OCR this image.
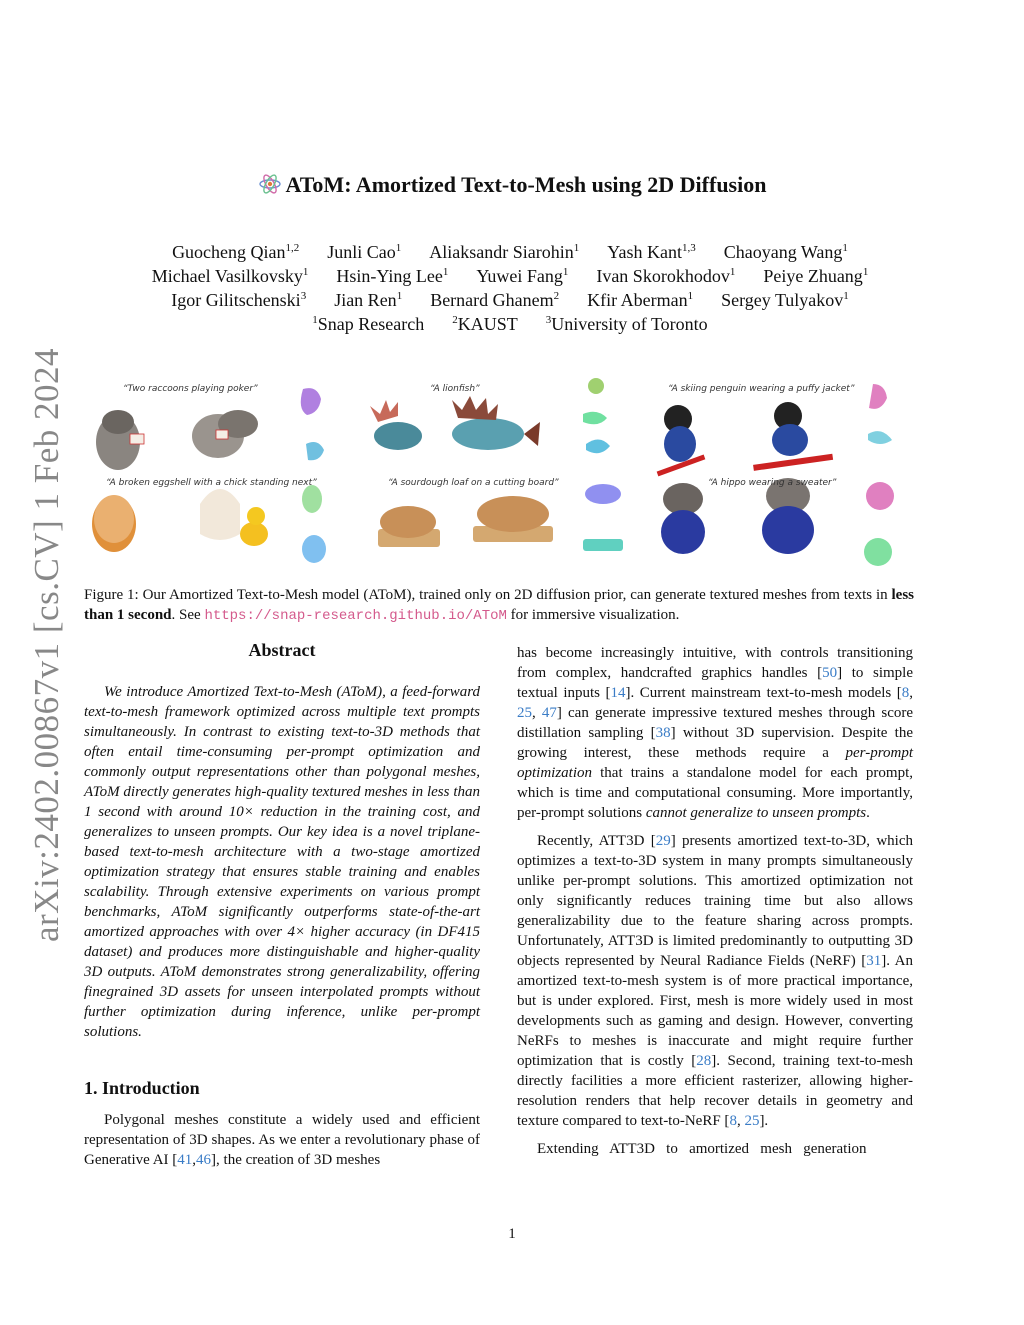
arXiv:2402.00867v1 [cs.CV] 1 Feb 2024
AToM: Amortized Text-to-Mesh using 2D Diffusion
Guocheng Qian$^{1,2}$ Junli Cao$^1$ Aliaksandr Siarohin$^1$ Yash Kant$^{1,3}$ Chaoyang Wang$^1$
Michael Vasilkovsky$^1$ Hsin-Ying Lee$^1$ Yuwei Fang$^1$ Ivan Skorokhodov$^1$ Peiye Zhuang$^1$
Igor Gilitschenski$^3$ Jian Ren$^1$ Bernard Ghanem$^2$ Kfir Aberman$^1$ Sergey Tulyakov$^1$
$^1$Snap Research	$^2$KAUST	$^3$University of Toronto
“Two raccoons playing poker”	“A lionfish”	“A skiing penguin wearing a puffy jacket”
“A broken eggshell with a chick standing next”	“A sourdough loaf on a cutting board”	“A hippo wearing a sweater”
Figure 1: Our Amortized Text-to-Mesh model (AToM), trained only on 2D diffusion prior, can generate textured meshes from texts in less than 1 second. See https://snap-research.github.io/AToM for immersive visualization.
Abstract

We introduce Amortized Text-to-Mesh (AToM), a feed-forward text-to-mesh framework optimized across multiple text prompts simultaneously. In contrast to existing text-to-3D methods that often entail time-consuming per-prompt optimization and commonly output representations other than polygonal meshes, AToM directly generates high-quality textured meshes in less than 1 second with around 10× reduction in the training cost, and generalizes to unseen prompts. Our key idea is a novel triplane-based text-to-mesh architecture with a two-stage amortized optimization strategy that ensures stable training and enables scalability. Through extensive experiments on various prompt benchmarks, AToM significantly outperforms state-of-the-art amortized approaches with over 4× higher accuracy (in DF415 dataset) and produces more distinguishable and higher-quality 3D outputs. AToM demonstrates strong generalizability, offering finegrained 3D assets for unseen interpolated prompts without further optimization during inference, unlike per-prompt solutions.

1. Introduction

Polygonal meshes constitute a widely used and efficient representation of 3D shapes. As we enter a revolutionary phase of Generative AI [41,46], the creation of 3D meshes

has become increasingly intuitive, with controls transitioning from complex, handcrafted graphics handles [50] to simple textual inputs [14]. Current mainstream text-to-mesh models [8, 25, 47] can generate impressive textured meshes through score distillation sampling [38] without 3D supervision. Despite the growing interest, these methods require a per-prompt optimization that trains a standalone model for each prompt, which is time and computational consuming. More importantly, per-prompt solutions cannot generalize to unseen prompts.

Recently, ATT3D [29] presents amortized text-to-3D, which optimizes a text-to-3D system in many prompts simultaneously unlike per-prompt solutions. This amortized optimization not only significantly reduces training time but also allows generalizability due to the feature sharing across prompts. Unfortunately, ATT3D is limited predominantly to outputting 3D objects represented by Neural Radiance Fields (NeRF) [31]. An amortized text-to-mesh system is of more practical importance, but is under explored. First, mesh is more widely used in most developments such as gaming and design. However, converting NeRFs to meshes is inaccurate and might require further optimization that is costly [28]. Second, training text-to-mesh directly facilities a more efficient rasterizer, allowing higher-resolution renders that help recover details in geometry and texture compared to text-to-NeRF [8, 25].

Extending   ATT3D   to   amortized   mesh   generation

1
